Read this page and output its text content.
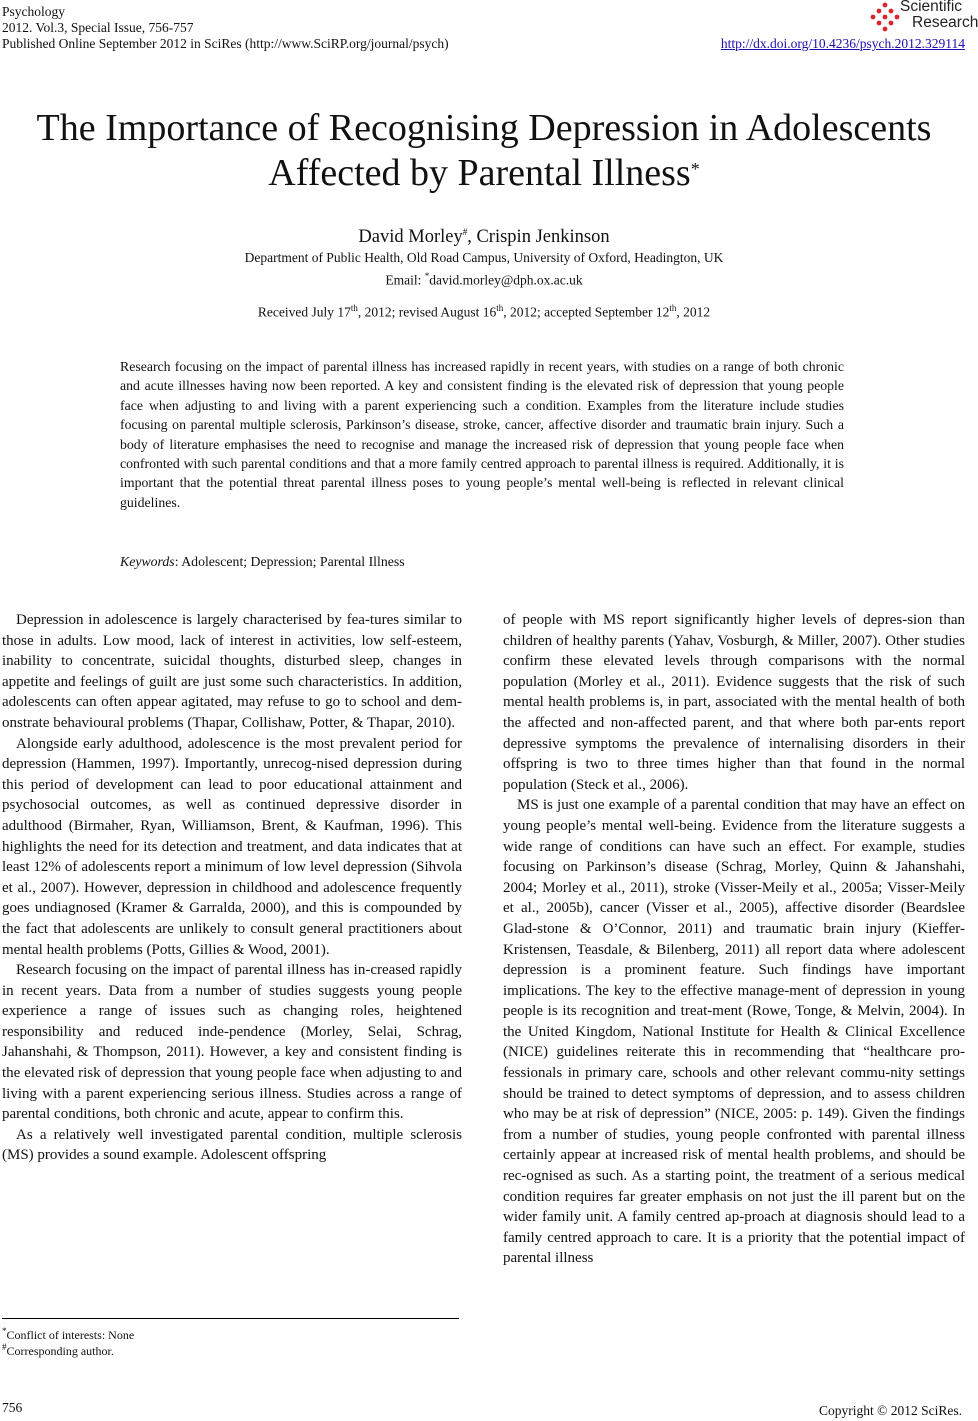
Psychology
2012. Vol.3, Special Issue, 756-757
Published Online September 2012 in SciRes (http://www.SciRP.org/journal/psych)	http://dx.doi.org/10.4236/psych.2012.329114
Scientific
Research
The Importance of Recognising Depression in Adolescents
Affected by Parental Illness*
David Morley#, Crispin Jenkinson
Department of Public Health, Old Road Campus, University of Oxford, Headington, UK
Email: *david.morley@dph.ox.ac.uk
Received July 17th, 2012; revised August 16th, 2012; accepted September 12th, 2012
Research focusing on the impact of parental illness has increased rapidly in recent years, with studies on a range of both chronic and acute illnesses having now been reported. A key and consistent finding is the elevated risk of depression that young people face when adjusting to and living with a parent experiencing such a condition. Examples from the literature include studies focusing on parental multiple sclerosis, Parkinson’s disease, stroke, cancer, affective disorder and traumatic brain injury. Such a body of literature emphasises the need to recognise and manage the increased risk of depression that young people face when confronted with such parental conditions and that a more family centred approach to parental illness is required. Additionally, it is important that the potential threat parental illness poses to young people’s mental well-being is reflected in relevant clinical guidelines.
Keywords: Adolescent; Depression; Parental Illness

Depression in adolescence is largely characterised by fea-tures similar to those in adults. Low mood, lack of interest in activities, low self-esteem, inability to concentrate, suicidal thoughts, disturbed sleep, changes in appetite and feelings of guilt are just some such characteristics. In addition, adolescents can often appear agitated, may refuse to go to school and dem-onstrate behavioural problems (Thapar, Collishaw, Potter, & Thapar, 2010).

Alongside early adulthood, adolescence is the most prevalent period for depression (Hammen, 1997). Importantly, unrecog-nised depression during this period of development can lead to poor educational attainment and psychosocial outcomes, as well as continued depressive disorder in adulthood (Birmaher, Ryan, Williamson, Brent, & Kaufman, 1996). This highlights the need for its detection and treatment, and data indicates that at least 12% of adolescents report a minimum of low level depression (Sihvola et al., 2007). However, depression in childhood and adolescence frequently goes undiagnosed (Kramer & Garralda, 2000), and this is compounded by the fact that adolescents are unlikely to consult general practitioners about mental health problems (Potts, Gillies & Wood, 2001).

Research focusing on the impact of parental illness has in-creased rapidly in recent years. Data from a number of studies suggests young people experience a range of issues such as changing roles, heightened responsibility and reduced inde-pendence (Morley, Selai, Schrag, Jahanshahi, & Thompson, 2011). However, a key and consistent finding is the elevated risk of depression that young people face when adjusting to and living with a parent experiencing serious illness. Studies across a range of parental conditions, both chronic and acute, appear to confirm this.

As a relatively well investigated parental condition, multiple sclerosis (MS) provides a sound example. Adolescent offspring

of people with MS report significantly higher levels of depres-sion than children of healthy parents (Yahav, Vosburgh, & Miller, 2007). Other studies confirm these elevated levels through comparisons with the normal population (Morley et al., 2011). Evidence suggests that the risk of such mental health problems is, in part, associated with the mental health of both the affected and non-affected parent, and that where both par-ents report depressive symptoms the prevalence of internalising disorders in their offspring is two to three times higher than that found in the normal population (Steck et al., 2006).

MS is just one example of a parental condition that may have an effect on young people’s mental well-being. Evidence from the literature suggests a wide range of conditions can have such an effect. For example, studies focusing on Parkinson’s disease (Schrag, Morley, Quinn & Jahanshahi, 2004; Morley et al., 2011), stroke (Visser-Meily et al., 2005a; Visser-Meily et al., 2005b), cancer (Visser et al., 2005), affective disorder (Beardslee Glad-stone & O’Connor, 2011) and traumatic brain injury (Kieffer-Kristensen, Teasdale, & Bilenberg, 2011) all report data where adolescent depression is a prominent feature. Such findings have important implications. The key to the effective manage-ment of depression in young people is its recognition and treat-ment (Rowe, Tonge, & Melvin, 2004). In the United Kingdom, National Institute for Health & Clinical Excellence (NICE) guidelines reiterate this in recommending that “healthcare pro-fessionals in primary care, schools and other relevant commu-nity settings should be trained to detect symptoms of depression, and to assess children who may be at risk of depression” (NICE, 2005: p. 149). Given the findings from a number of studies, young people confronted with parental illness certainly appear at increased risk of mental health problems, and should be rec-ognised as such. As a starting point, the treatment of a serious medical condition requires far greater emphasis on not just the ill parent but on the wider family unit. A family centred ap-proach at diagnosis should lead to a family centred approach to care. It is a priority that the potential impact of parental illness

*Conflict of interests: None
#Corresponding author.
756	Copyright © 2012 SciRes.
